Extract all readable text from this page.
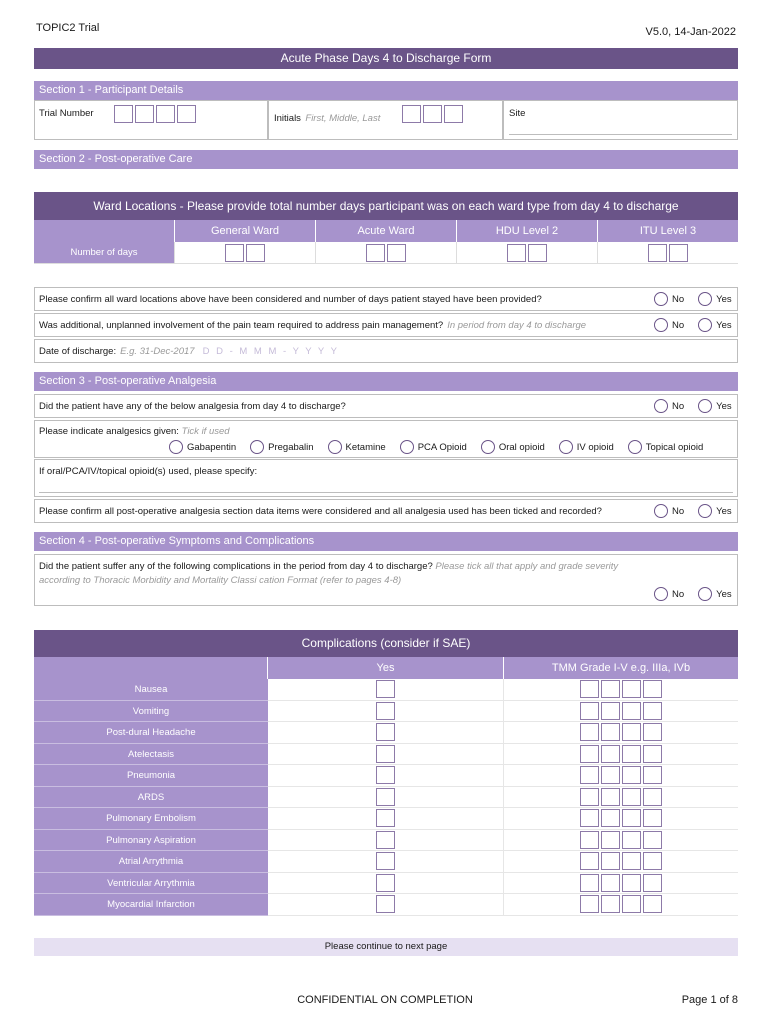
TOPIC2 Trial	V5.0, 14-Jan-2022
Acute Phase Days 4 to Discharge Form
Section 1 - Participant Details
Trial Number	Initials First, Middle, Last	Site
Section 2 - Post-operative Care
Ward Locations - Please provide total number days participant was on each ward type from day 4 to discharge
General Ward	Acute Ward	HDU Level 2	ITU Level 3
Number of days
Please confirm all ward locations above have been considered and number of days patient stayed have been provided?	No	Yes
Was additional, unplanned involvement of the pain team required to address pain management? In period from day 4 to discharge	No	Yes
Date of discharge: E.g. 31-Dec-2017 D D - M M M - Y Y Y Y
Section 3 - Post-operative Analgesia
Did the patient have any of the below analgesia from day 4 to discharge?	No	Yes
Please indicate analgesics given: Tick if used
Gabapentin	Pregabalin	Ketamine	PCA Opioid	Oral opioid	IV opioid	Topical opioid
If oral/PCA/IV/topical opioid(s) used, please specify:
Please confirm all post-operative analgesia section data items were considered and all analgesia used has been ticked and recorded?	No	Yes
Section 4 - Post-operative Symptoms and Complications
Did the patient suffer any of the following complications in the period from day 4 to discharge? Please tick all that apply and grade severity
according to Thoracic Morbidity and Mortality Classi cation Format (refer to pages 4-8)
No	Yes
Complications (consider if SAE)
Yes	TMM Grade I-V e.g. IIIa, IVb
Nausea
Vomiting
Post-dural Headache
Atelectasis
Pneumonia
ARDS
Pulmonary Embolism
Pulmonary Aspiration
Atrial Arrythmia
Ventricular Arrythmia
Myocardial Infarction
Please continue to next page
CONFIDENTIAL ON COMPLETION	Page 1 of 8
